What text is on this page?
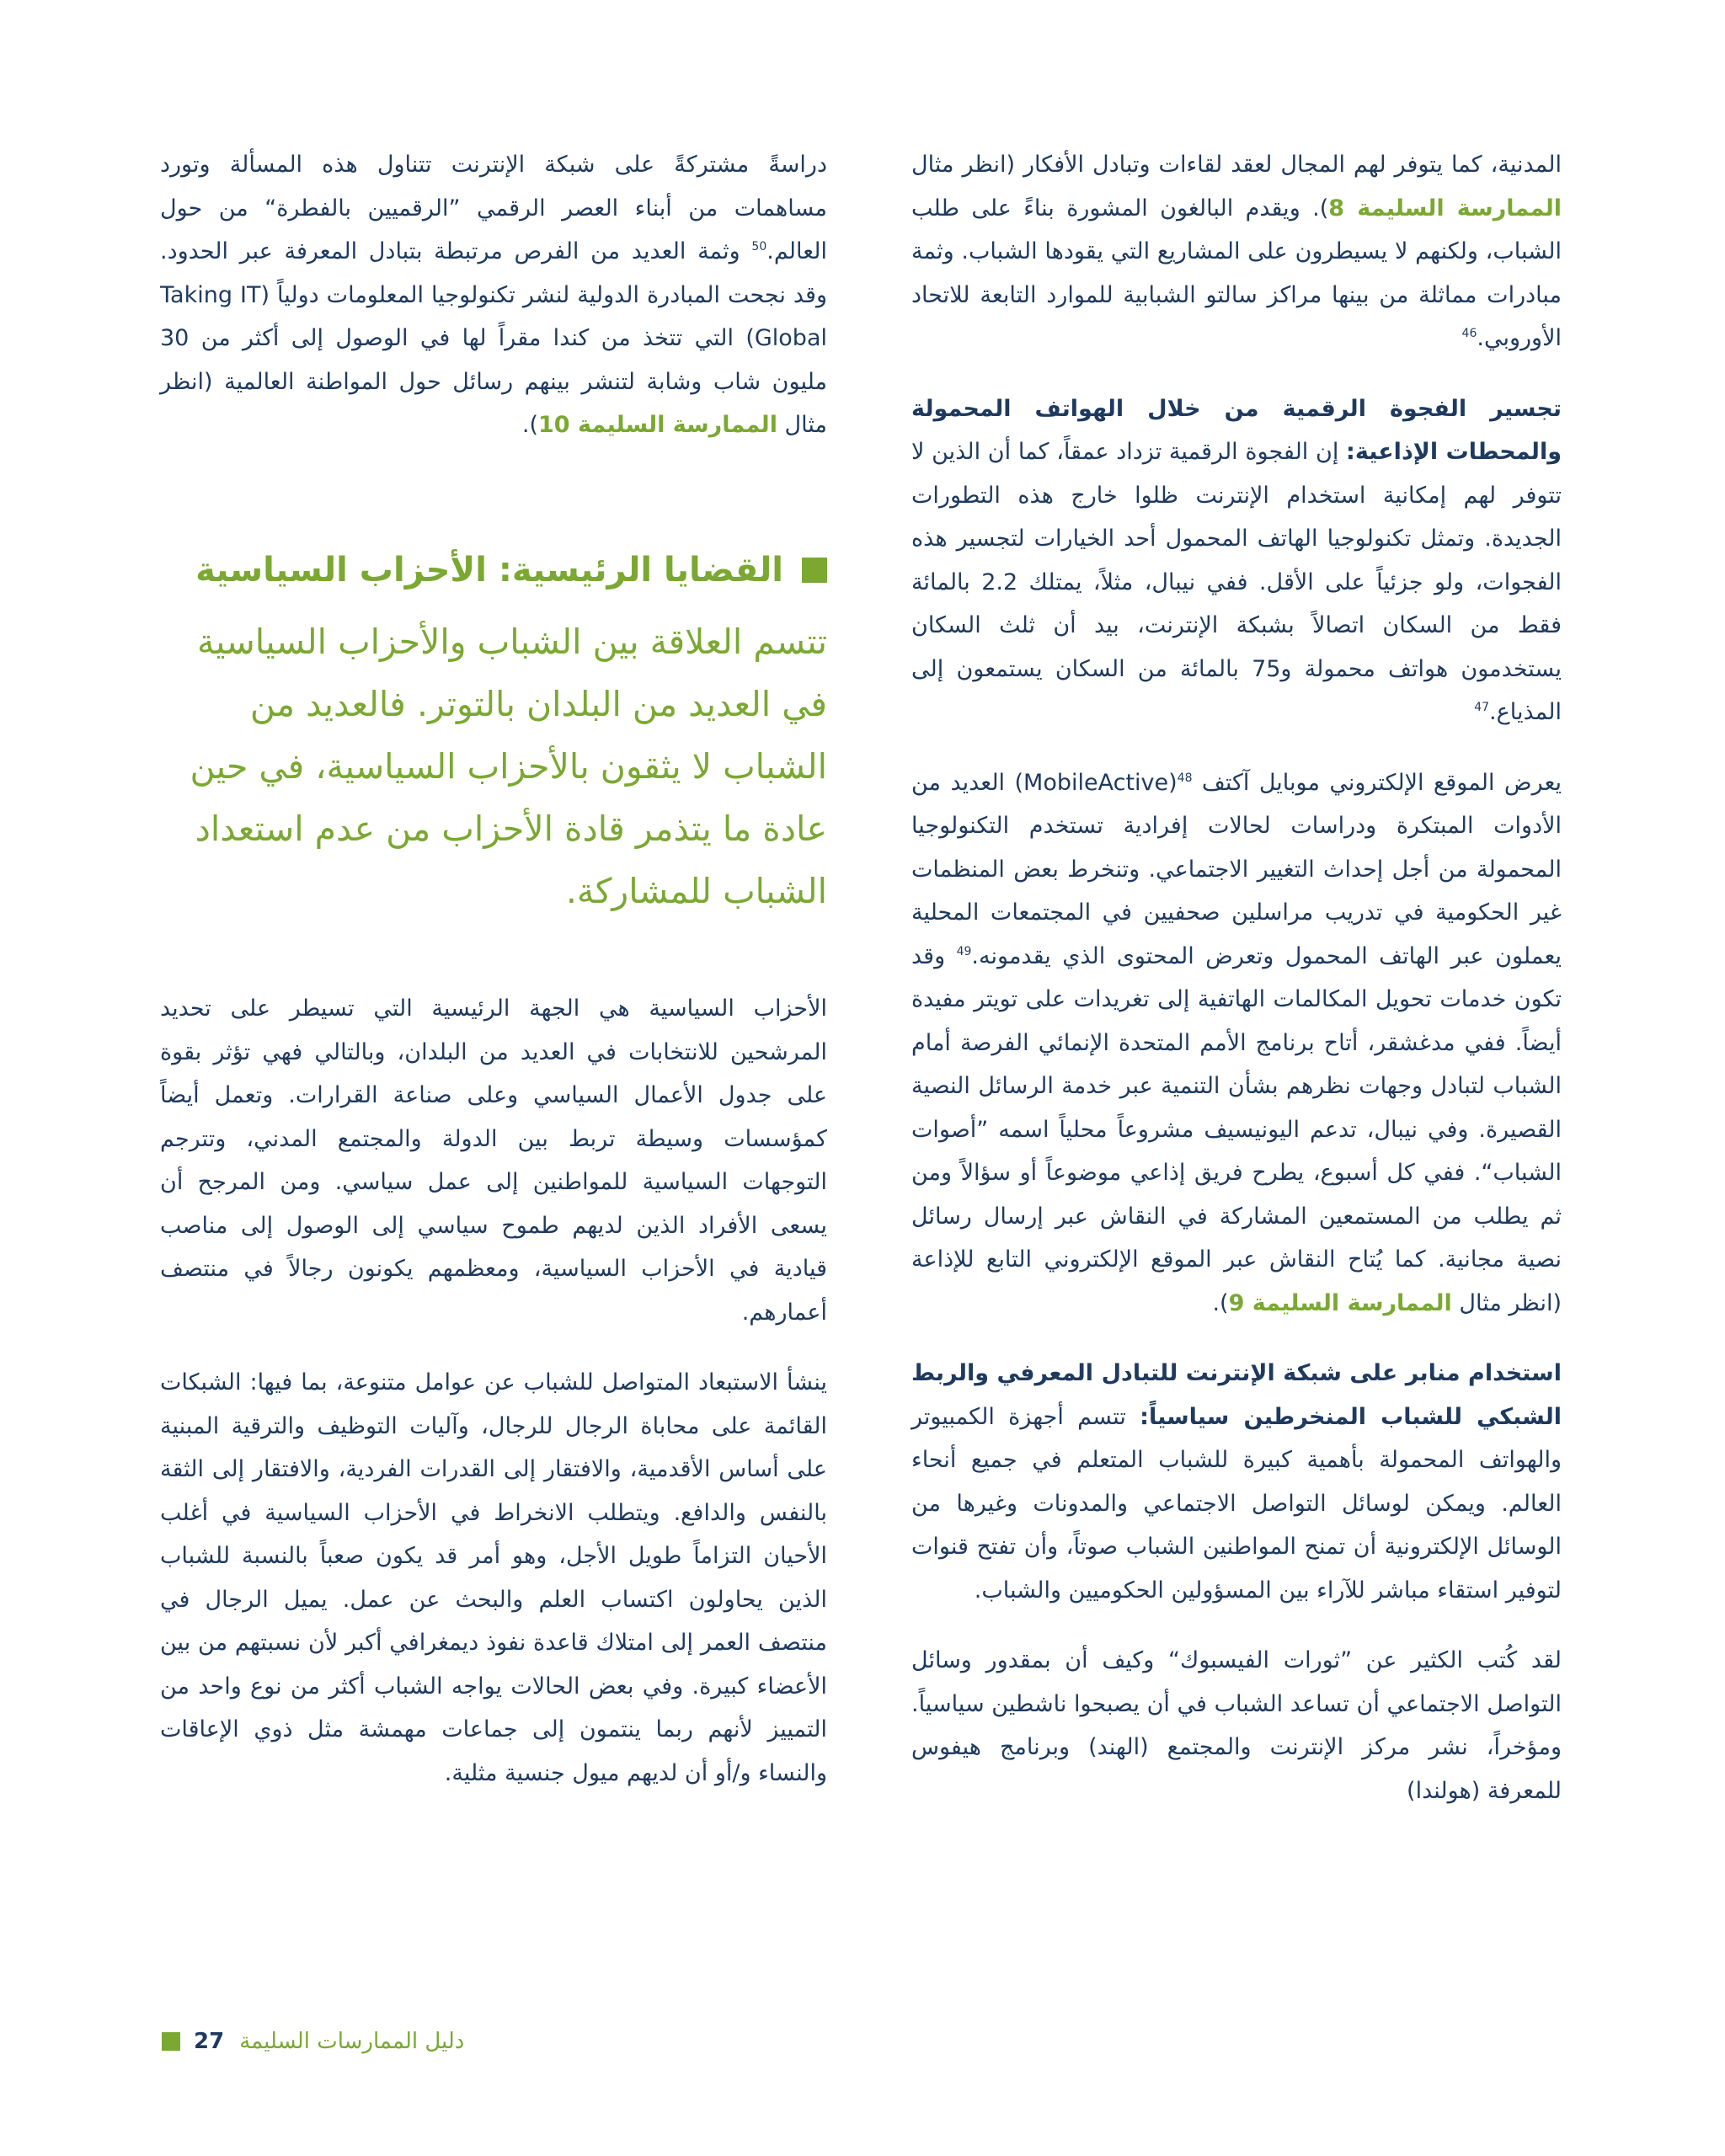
المدنية، كما يتوفر لهم المجال لعقد لقاءات وتبادل الأفكار (انظر مثال الممارسة السليمة 8). ويقدم البالغون المشورة بناءً على طلب الشباب، ولكنهم لا يسيطرون على المشاريع التي يقودها الشباب. وثمة مبادرات مماثلة من بينها مراكز سالتو الشبابية للموارد التابعة للاتحاد الأوروبي.$^{46}$

تجسير الفجوة الرقمية من خلال الهواتف المحمولة والمحطات الإذاعية: إن الفجوة الرقمية تزداد عمقاً، كما أن الذين لا تتوفر لهم إمكانية استخدام الإنترنت ظلوا خارج هذه التطورات الجديدة. وتمثل تكنولوجيا الهاتف المحمول أحد الخيارات لتجسير هذه الفجوات، ولو جزئياً على الأقل. ففي نيبال، مثلاً، يمتلك 2.2 بالمائة فقط من السكان اتصالاً بشبكة الإنترنت، بيد أن ثلث السكان يستخدمون هواتف محمولة و75 بالمائة من السكان يستمعون إلى المذياع.$^{47}$

يعرض الموقع الإلكتروني موبايل آكتف $^{48}$(MobileActive) العديد من الأدوات المبتكرة ودراسات لحالات إفرادية تستخدم التكنولوجيا المحمولة من أجل إحداث التغيير الاجتماعي. وتنخرط بعض المنظمات غير الحكومية في تدريب مراسلين صحفيين في المجتمعات المحلية يعملون عبر الهاتف المحمول وتعرض المحتوى الذي يقدمونه.$^{49}$ وقد تكون خدمات تحويل المكالمات الهاتفية إلى تغريدات على تويتر مفيدة أيضاً. ففي مدغشقر، أتاح برنامج الأمم المتحدة الإنمائي الفرصة أمام الشباب لتبادل وجهات نظرهم بشأن التنمية عبر خدمة الرسائل النصية القصيرة. وفي نيبال، تدعم اليونيسيف مشروعاً محلياً اسمه ”أصوات الشباب“. ففي كل أسبوع، يطرح فريق إذاعي موضوعاً أو سؤالاً ومن ثم يطلب من المستمعين المشاركة في النقاش عبر إرسال رسائل نصية مجانية. كما يُتاح النقاش عبر الموقع الإلكتروني التابع للإذاعة (انظر مثال الممارسة السليمة 9).

استخدام منابر على شبكة الإنترنت للتبادل المعرفي والربط الشبكي للشباب المنخرطين سياسياً: تتسم أجهزة الكمبيوتر والهواتف المحمولة بأهمية كبيرة للشباب المتعلم في جميع أنحاء العالم. ويمكن لوسائل التواصل الاجتماعي والمدونات وغيرها من الوسائل الإلكترونية أن تمنح المواطنين الشباب صوتاً، وأن تفتح قنوات لتوفير استقاء مباشر للآراء بين المسؤولين الحكوميين والشباب.

لقد كُتب الكثير عن ”ثورات الفيسبوك“ وكيف أن بمقدور وسائل التواصل الاجتماعي أن تساعد الشباب في أن يصبحوا ناشطين سياسياً. ومؤخراً، نشر مركز الإنترنت والمجتمع (الهند) وبرنامج هيفوس للمعرفة (هولندا)

دراسةً مشتركةً على شبكة الإنترنت تتناول هذه المسألة وتورد مساهمات من أبناء العصر الرقمي ”الرقميين بالفطرة“ من حول العالم.$^{50}$ وثمة العديد من الفرص مرتبطة بتبادل المعرفة عبر الحدود. وقد نجحت المبادرة الدولية لنشر تكنولوجيا المعلومات دولياً (Taking IT Global) التي تتخذ من كندا مقراً لها في الوصول إلى أكثر من 30 مليون شاب وشابة لتنشر بينهم رسائل حول المواطنة العالمية (انظر مثال الممارسة السليمة 10).

القضايا الرئيسية: الأحزاب السياسية
تتسم العلاقة بين الشباب والأحزاب السياسية في العديد من البلدان بالتوتر. فالعديد من الشباب لا يثقون بالأحزاب السياسية، في حين عادة ما يتذمر قادة الأحزاب من عدم استعداد الشباب للمشاركة.

الأحزاب السياسية هي الجهة الرئيسية التي تسيطر على تحديد المرشحين للانتخابات في العديد من البلدان، وبالتالي فهي تؤثر بقوة على جدول الأعمال السياسي وعلى صناعة القرارات. وتعمل أيضاً كمؤسسات وسيطة تربط بين الدولة والمجتمع المدني، وتترجم التوجهات السياسية للمواطنين إلى عمل سياسي. ومن المرجح أن يسعى الأفراد الذين لديهم طموح سياسي إلى الوصول إلى مناصب قيادية في الأحزاب السياسية، ومعظمهم يكونون رجالاً في منتصف أعمارهم.

ينشأ الاستبعاد المتواصل للشباب عن عوامل متنوعة، بما فيها: الشبكات القائمة على محاباة الرجال للرجال، وآليات التوظيف والترقية المبنية على أساس الأقدمية، والافتقار إلى القدرات الفردية، والافتقار إلى الثقة بالنفس والدافع. ويتطلب الانخراط في الأحزاب السياسية في أغلب الأحيان التزاماً طويل الأجل، وهو أمر قد يكون صعباً بالنسبة للشباب الذين يحاولون اكتساب العلم والبحث عن عمل. يميل الرجال في منتصف العمر إلى امتلاك قاعدة نفوذ ديمغرافي أكبر لأن نسبتهم من بين الأعضاء كبيرة. وفي بعض الحالات يواجه الشباب أكثر من نوع واحد من التمييز لأنهم ربما ينتمون إلى جماعات مهمشة مثل ذوي الإعاقات والنساء و/أو أن لديهم ميول جنسية مثلية.

27 دليل الممارسات السليمة
